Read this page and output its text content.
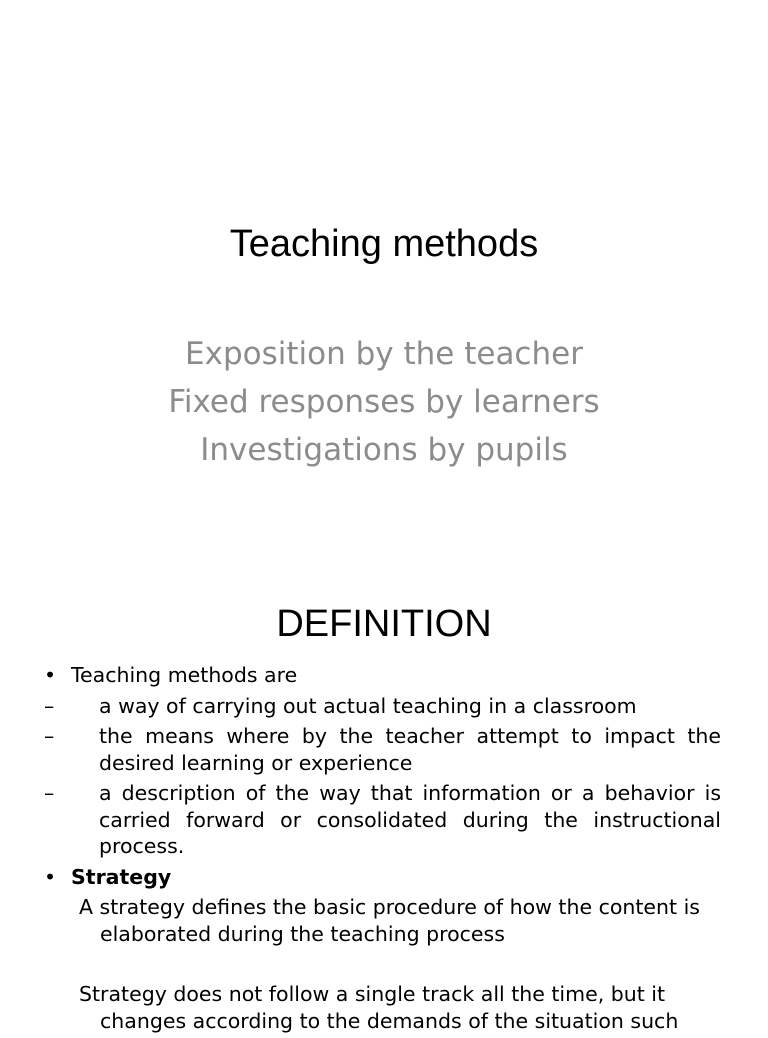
Teaching methods
Exposition by the teacher
Fixed responses by learners
Investigations by pupils
DEFINITION
• Teaching methods are
–	a way of carrying out actual teaching in a classroom
–	the means where by the teacher attempt to impact the desired learning or experience
–	a description of the way that information or a behavior is carried forward or consolidated during the instructional process.
• Strategy
A strategy defines the basic procedure of how the content is elaborated during the teaching process
Strategy does not follow a single track all the time, but it changes according to the demands of the situation such
